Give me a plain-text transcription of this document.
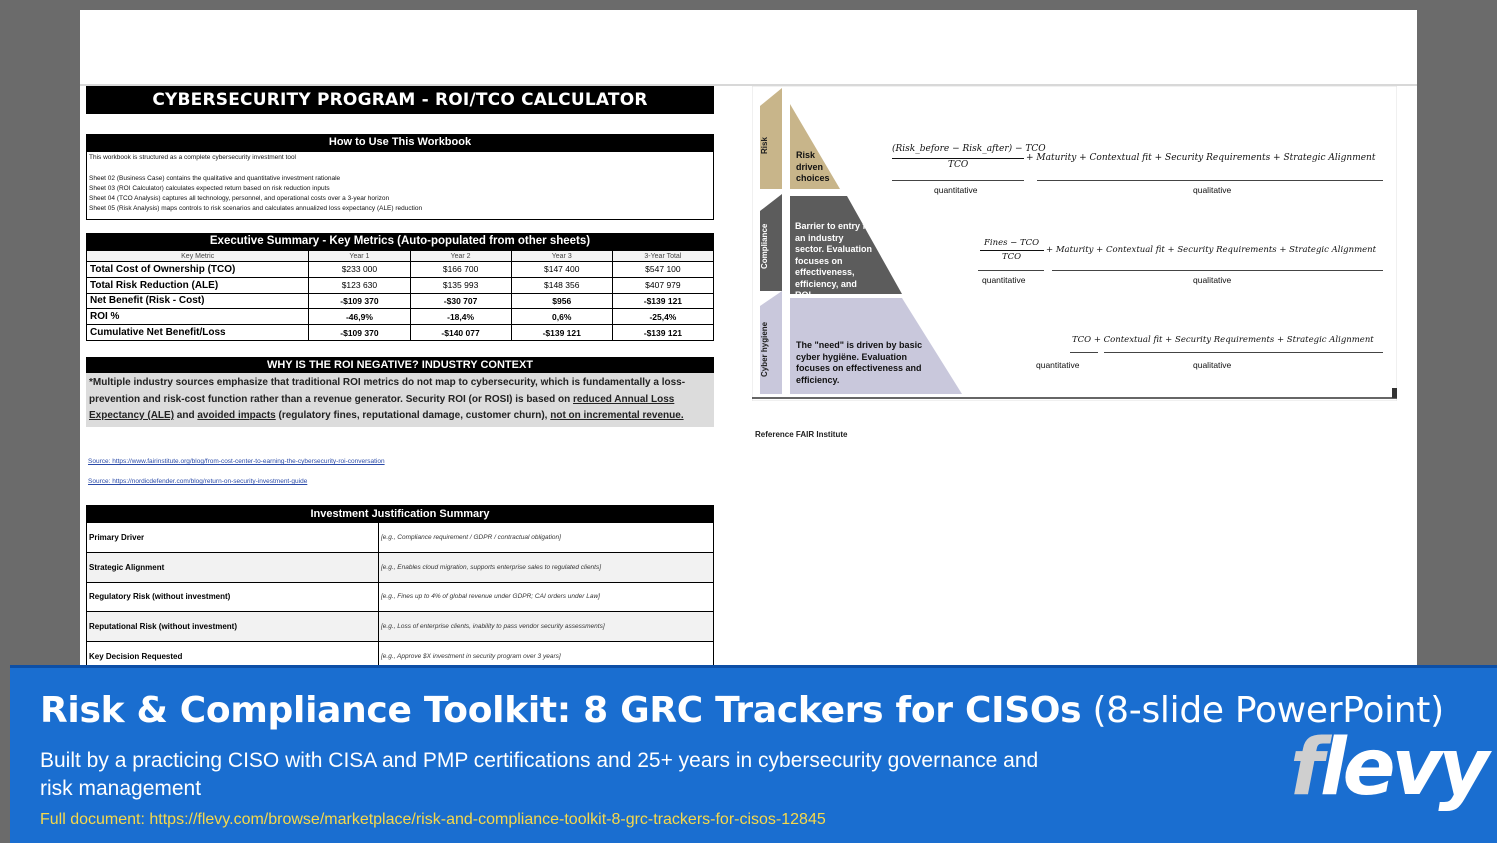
CYBERSECURITY PROGRAM - ROI/TCO CALCULATOR
How to Use This Workbook
This workbook is structured as a complete cybersecurity investment tool
Sheet 02 (Business Case) contains the qualitative and quantitative investment rationale
Sheet 03 (ROI Calculator) calculates expected return based on risk reduction inputs
Sheet 04 (TCO Analysis) captures all technology, personnel, and operational costs over a 3-year horizon
Sheet 05 (Risk Analysis) maps controls to risk scenarios and calculates annualized loss expectancy (ALE) reduction
Executive Summary - Key Metrics (Auto-populated from other sheets)
Key Metric	Year 1	Year 2	Year 3	3-Year Total
Total Cost of Ownership (TCO)	$233 000	$166 700	$147 400	$547 100
Total Risk Reduction (ALE)	$123 630	$135 993	$148 356	$407 979
Net Benefit (Risk - Cost)	-$109 370	-$30 707	$956	-$139 121
ROI %	-46,9%	-18,4%	0,6%	-25,4%
Cumulative Net Benefit/Loss	-$109 370	-$140 077	-$139 121	-$139 121
WHY IS THE ROI NEGATIVE? INDUSTRY CONTEXT
*Multiple industry sources emphasize that traditional ROI metrics do not map to cybersecurity, which is fundamentally a loss-prevention and risk-cost function rather than a revenue generator. Security ROI (or ROSI) is based on reduced Annual Loss Expectancy (ALE) and avoided impacts (regulatory fines, reputational damage, customer churn), not on incremental revenue.
Source: https://www.fairinstitute.org/blog/from-cost-center-to-earning-the-cybersecurity-roi-conversation
Source: https://nordicdefender.com/blog/return-on-security-investment-guide
Investment Justification Summary
Primary Driver	[e.g., Compliance requirement / GDPR / contractual obligation]
Strategic Alignment	[e.g., Enables cloud migration, supports enterprise sales to regulated clients]
Regulatory Risk (without investment)	[e.g., Fines up to 4% of global revenue under GDPR; CAI orders under Law]
Reputational Risk (without investment)	[e.g., Loss of enterprise clients, inability to pass vendor security assessments]
Key Decision Requested	[e.g., Approve $X investment in security program over 3 years]
Risk
Compliance
Cyber hygiene
Risk driven choices
Barrier to entry for an industry sector. Evaluation focuses on effectiveness, efficiency, and ROI.
The "need" is driven by basic cyber hygiëne. Evaluation focuses on effectiveness and efficiency.
(Risk_before − Risk_after) − TCO
TCO
+ Maturity + Contextual fit + Security Requirements + Strategic Alignment
quantitative	qualitative
Fines − TCO
TCO
+ Maturity + Contextual fit + Security Requirements + Strategic Alignment
quantitative	qualitative
TCO + Contextual fit + Security Requirements + Strategic Alignment
quantitative	qualitative
Reference FAIR Institute
Risk & Compliance Toolkit: 8 GRC Trackers for CISOs (8-slide PowerPoint)
Built by a practicing CISO with CISA and PMP certifications and 25+ years in cybersecurity governance and risk management
Full document: https://flevy.com/browse/marketplace/risk-and-compliance-toolkit-8-grc-trackers-for-cisos-12845
flevy
